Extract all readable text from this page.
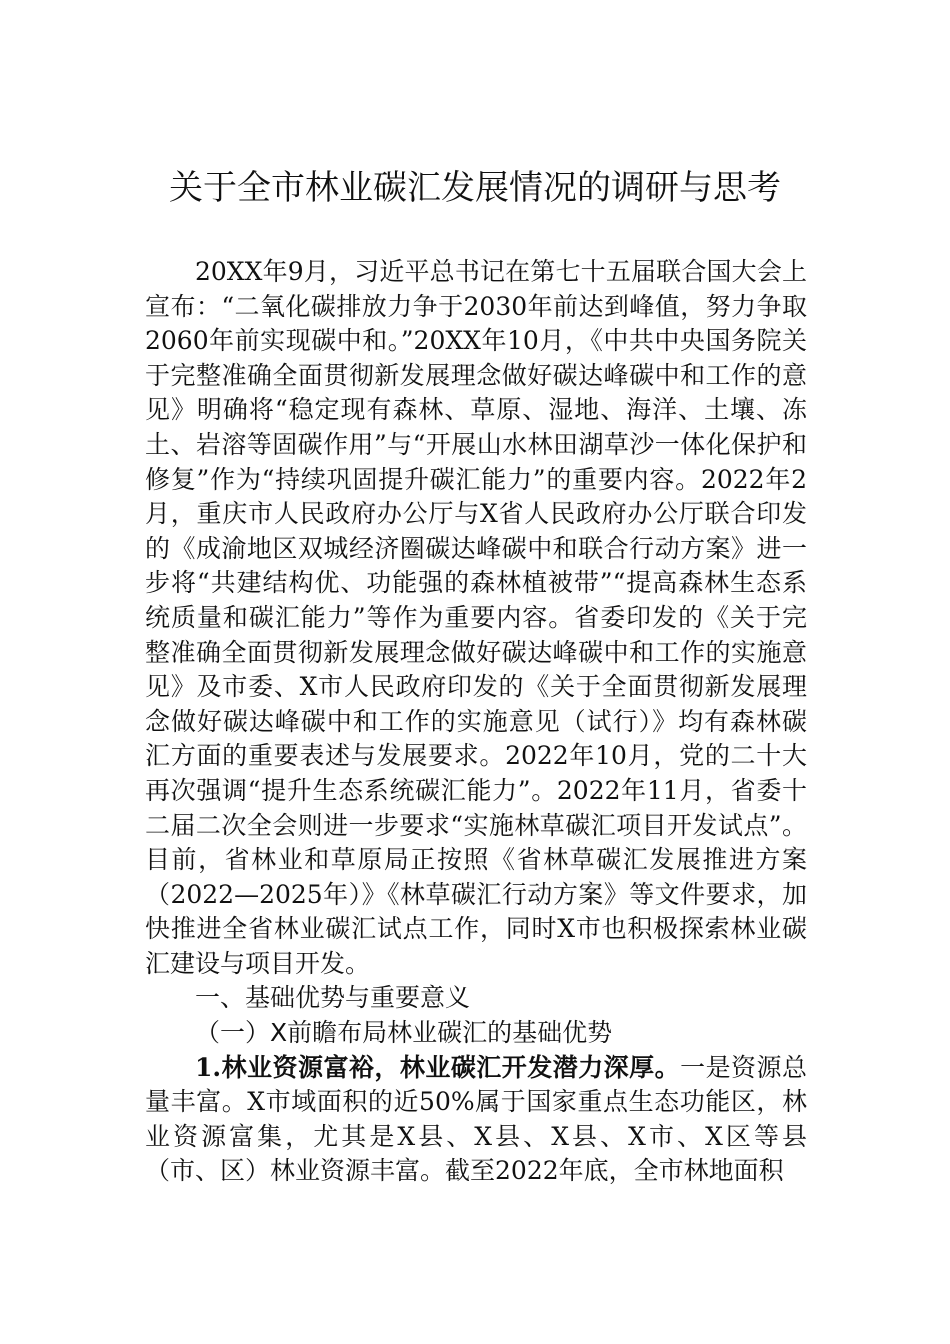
关于全市林业碳汇发展情况的调研与思考

20XX年9月，习近平总书记在第七十五届联合国大会上宣布：“二氧化碳排放力争于2030年前达到峰值，努力争取2060年前实现碳中和。”20XX年10月，《中共中央国务院关于完整准确全面贯彻新发展理念做好碳达峰碳中和工作的意见》明确将“稳定现有森林、草原、湿地、海洋、土壤、冻土、岩溶等固碳作用”与“开展山水林田湖草沙一体化保护和修复”作为“持续巩固提升碳汇能力”的重要内容。2022年2月，重庆市人民政府办公厅与X省人民政府办公厅联合印发的《成渝地区双城经济圈碳达峰碳中和联合行动方案》进一步将“共建结构优、功能强的森林植被带”“提高森林生态系统质量和碳汇能力”等作为重要内容。省委印发的《关于完整准确全面贯彻新发展理念做好碳达峰碳中和工作的实施意见》及市委、X市人民政府印发的《关于全面贯彻新发展理念做好碳达峰碳中和工作的实施意见（试行）》均有森林碳汇方面的重要表述与发展要求。2022年10月，党的二十大再次强调“提升生态系统碳汇能力”。2022年11月，省委十二届二次全会则进一步要求“实施林草碳汇项目开发试点”。目前，省林业和草原局正按照《省林草碳汇发展推进方案（2022—2025年）》《林草碳汇行动方案》等文件要求，加快推进全省林业碳汇试点工作，同时X市也积极探索林业碳汇建设与项目开发。

一、基础优势与重要意义

（一）X前瞻布局林业碳汇的基础优势

1.林业资源富裕，林业碳汇开发潜力深厚。一是资源总量丰富。X市域面积的近50%属于国家重点生态功能区，林业资源富集，尤其是X县、X县、X县、X市、X区等县（市、区）林业资源丰富。截至2022年底，全市林地面积
